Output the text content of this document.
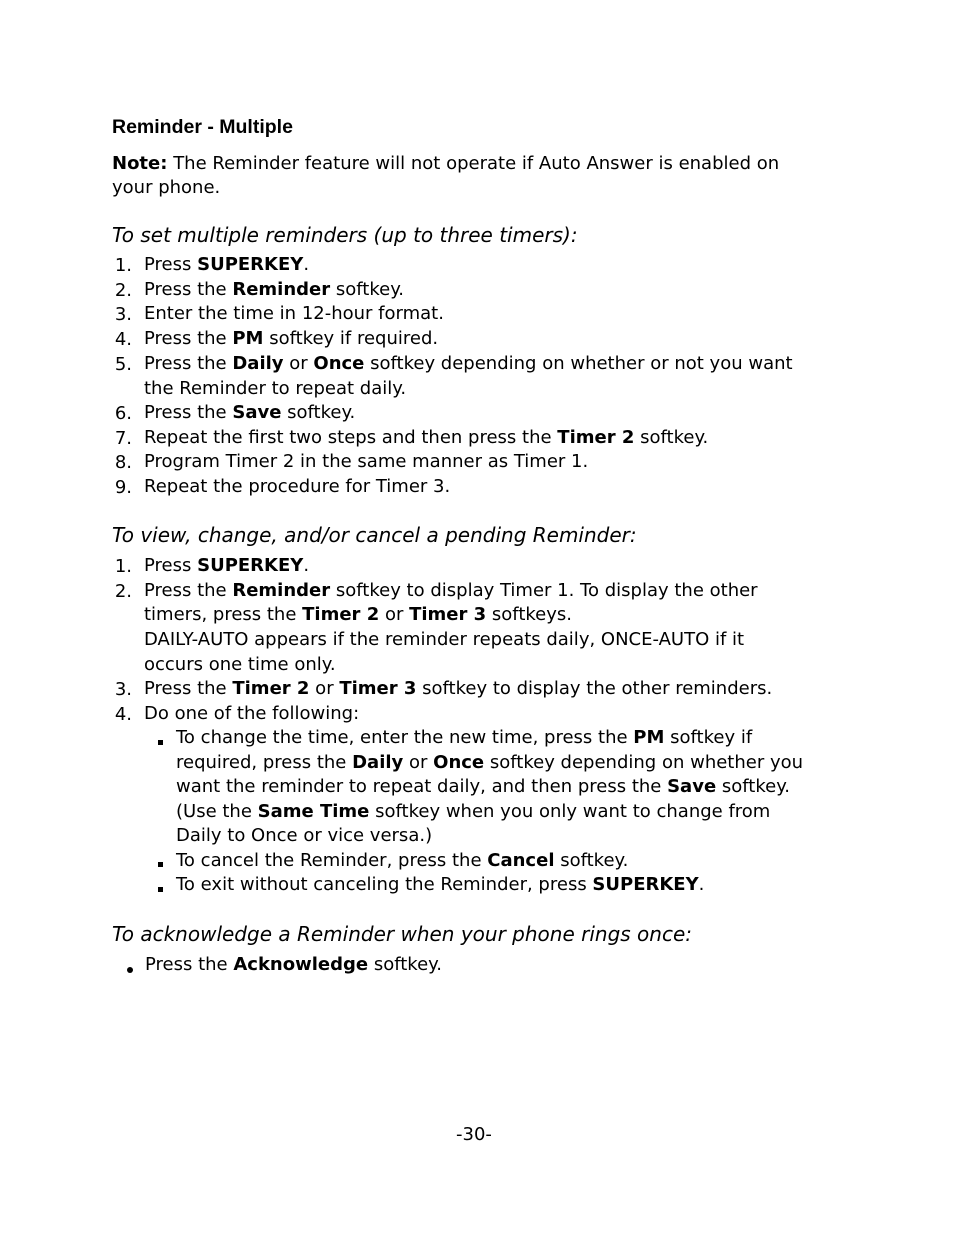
Reminder - Multiple
Note: The Reminder feature will not operate if Auto Answer is enabled on
your phone.
To set multiple reminders (up to three timers):
1. Press SUPERKEY.
2. Press the Reminder softkey.
3. Enter the time in 12-hour format.
4. Press the PM softkey if required.
5. Press the Daily or Once softkey depending on whether or not you want
the Reminder to repeat daily.
6. Press the Save softkey.
7. Repeat the first two steps and then press the Timer 2 softkey.
8. Program Timer 2 in the same manner as Timer 1.
9. Repeat the procedure for Timer 3.
To view, change, and/or cancel a pending Reminder:
1. Press SUPERKEY.
2. Press the Reminder softkey to display Timer 1. To display the other
timers, press the Timer 2 or Timer 3 softkeys.
DAILY-AUTO appears if the reminder repeats daily, ONCE-AUTO if it
occurs one time only.
3. Press the Timer 2 or Timer 3 softkey to display the other reminders.
4. Do one of the following:
To change the time, enter the new time, press the PM softkey if
required, press the Daily or Once softkey depending on whether you
want the reminder to repeat daily, and then press the Save softkey.
(Use the Same Time softkey when you only want to change from
Daily to Once or vice versa.)
To cancel the Reminder, press the Cancel softkey.
To exit without canceling the Reminder, press SUPERKEY.
To acknowledge a Reminder when your phone rings once:
Press the Acknowledge softkey.
-30-
